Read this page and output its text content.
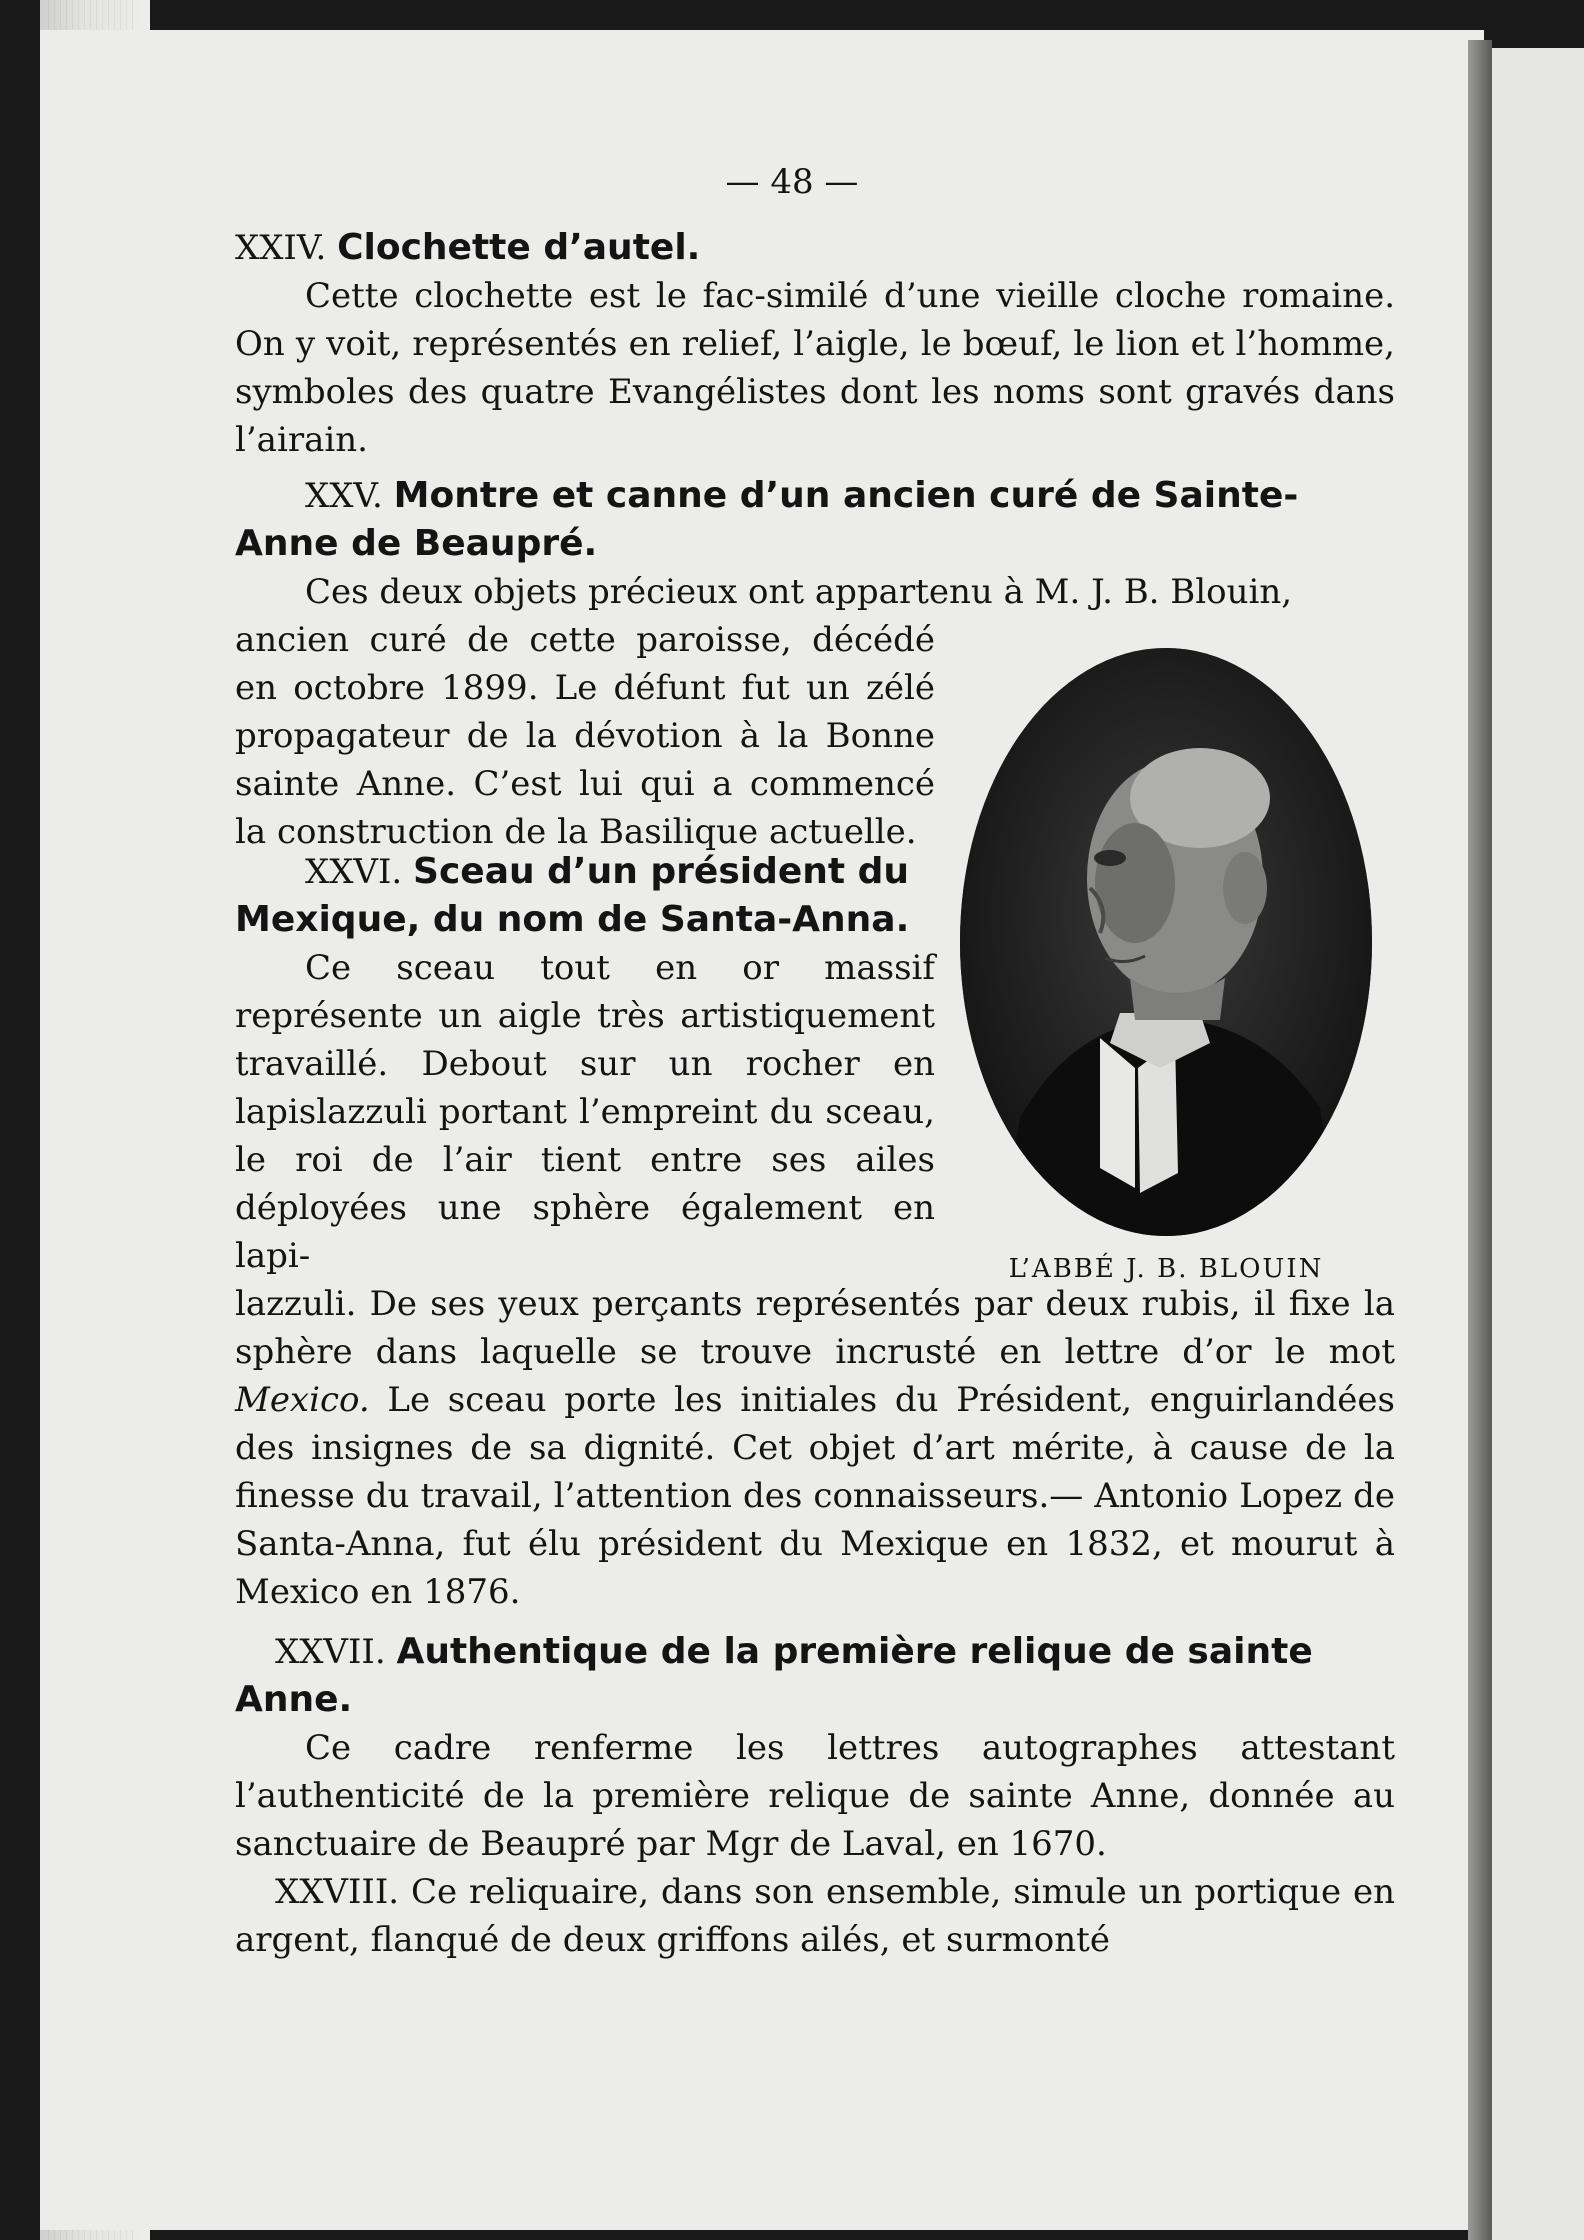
— 48 —

XXIV. Clochette d’autel.

Cette clochette est le fac-similé d’une vieille cloche romaine. On y voit, représentés en relief, l’aigle, le bœuf, le lion et l’homme, symboles des quatre Evangélistes dont les noms sont gravés dans l’airain.

XXV. Montre et canne d’un ancien curé de Sainte-Anne de Beaupré.

Ces deux objets précieux ont appartenu à M. J. B. Blouin,

ancien curé de cette paroisse, décédé en octobre 1899. Le défunt fut un zélé propagateur de la dévotion à la Bonne sainte Anne. C’est lui qui a commencé la construction de la Basilique actuelle.

XXVI. Sceau d’un président du Mexique, du nom de Santa-Anna.

Ce sceau tout en or massif représente un aigle très artistiquement travaillé. Debout sur un rocher en lapislazzuli portant l’empreint du sceau, le roi de l’air tient entre ses ailes déployées une sphère également en lapi-

lazzuli. De ses yeux perçants représentés par deux rubis, il fixe la sphère dans laquelle se trouve incrusté en lettre d’or le mot Mexico. Le sceau porte les initiales du Président, enguirlandées des insignes de sa dignité. Cet objet d’art mérite, à cause de la finesse du travail, l’attention des connaisseurs.— Antonio Lopez de Santa-Anna, fut élu président du Mexique en 1832, et mourut à Mexico en 1876.

XXVII. Authentique de la première relique de sainte Anne.

Ce cadre renferme les lettres autographes attestant l’authenticité de la première relique de sainte Anne, donnée au sanctuaire de Beaupré par Mgr de Laval, en 1670.

XXVIII. Ce reliquaire, dans son ensemble, simule un portique en argent, flanqué de deux griffons ailés, et surmonté

L’ABBÉ J. B. BLOUIN
